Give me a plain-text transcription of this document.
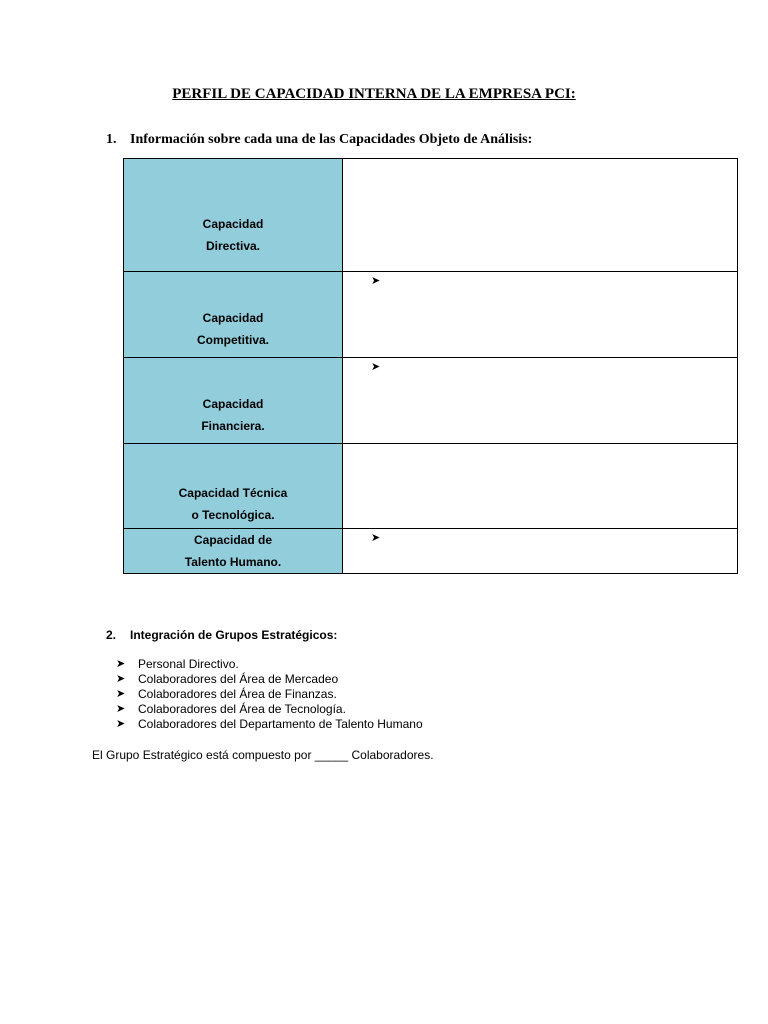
PERFIL DE CAPACIDAD INTERNA DE LA EMPRESA PCI:
1. Información sobre cada una de las Capacidades Objeto de Análisis:
Capacidad
Directiva.	

Capacidad
Competitiva.	➤

Capacidad
Financiera.	➤

Capacidad Técnica
o Tecnológica.	

Capacidad de
Talento Humano.	➤
2. Integración de Grupos Estratégicos:
➤ Personal Directivo.
➤ Colaboradores del Área de Mercadeo
➤ Colaboradores del Área de Finanzas.
➤ Colaboradores del Área de Tecnología.
➤ Colaboradores del Departamento de Talento Humano
El Grupo Estratégico está compuesto por _____ Colaboradores.
